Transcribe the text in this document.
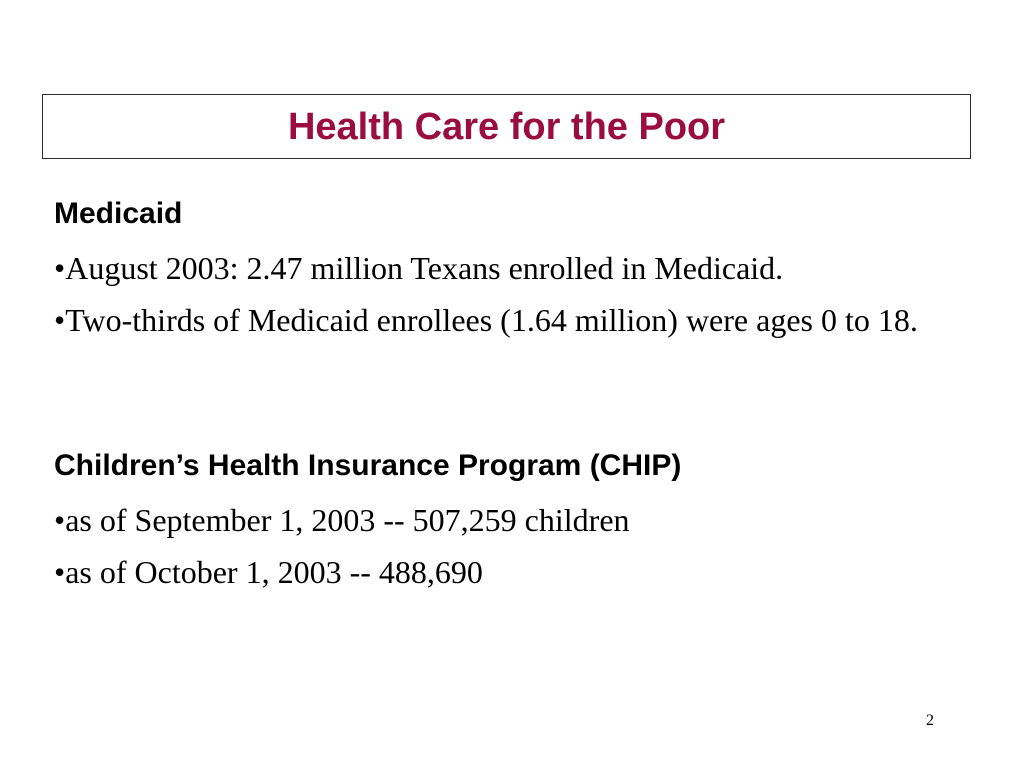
Health Care for the Poor
Medicaid
•August 2003: 2.47 million Texans enrolled in Medicaid.
•Two-thirds of Medicaid enrollees (1.64 million) were ages 0 to 18.
Children’s Health Insurance Program (CHIP)
•as of September 1, 2003 -- 507,259 children
•as of October 1, 2003 -- 488,690
2
